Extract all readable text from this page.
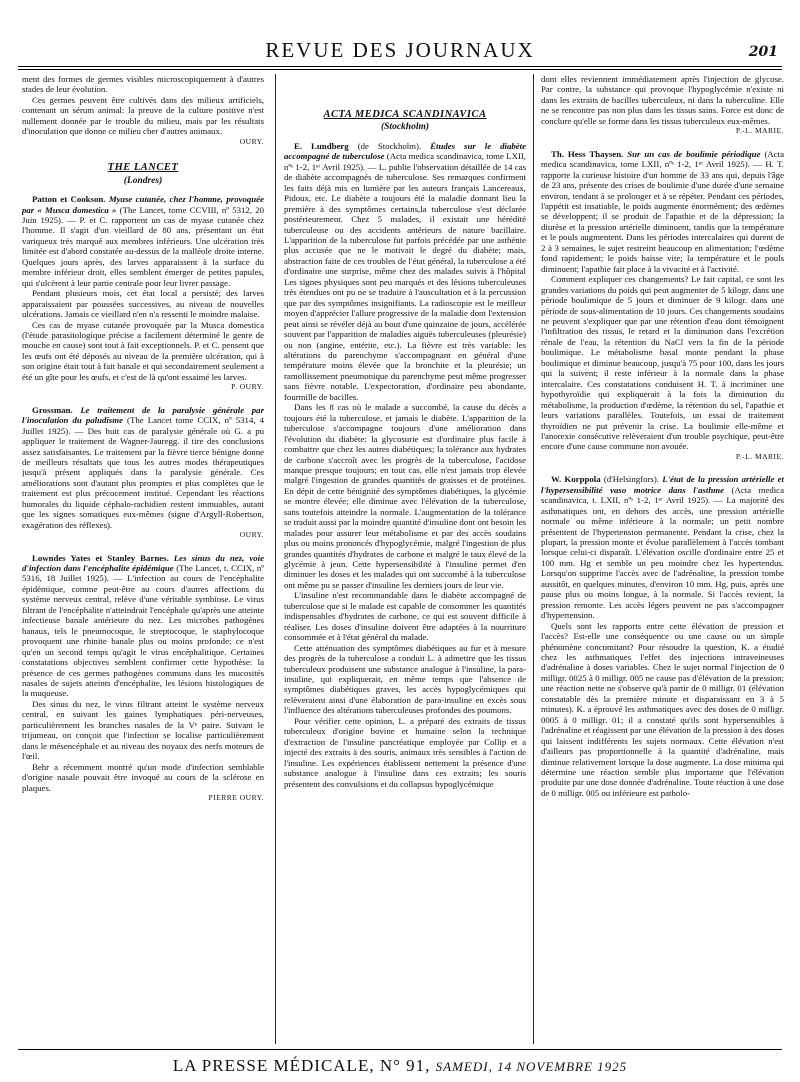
REVUE DES JOURNAUX	201

ment des formes de germes visibles microscopiquement à d'autres stades de leur évolution.

Ces germes peuvent être cultivés dans des milieux artificiels, contenant un sérum animal: la preuve de la culture positive n'est nullement donnée par le trouble du milieu, mais par les résultats d'inoculation que donne ce milieu cher d'autres animaux.

OURY.
THE LANCET
(Londres)

Patton et Cookson. Myase cutanée, chez l'homme, provoquée par « Musca domestica » (The Lancet, tome CCVIII, nº 5312, 20 Juin 1925). — P. et C. rapportent un cas de myase cutanée chez l'homme. Il s'agit d'un vieillard de 80 ans, présentant un état variqueux très marqué aux membres inférieurs. Une ulcération très limitée est d'abord constatée au-dessus de la malléole droite interne. Quelques jours après, des larves apparaissent à la surface du membre inférieur droit, elles semblent émerger de petites papules, qui s'ulcèrent à leur partie centrale pour leur livrer passage.

Pendant plusieurs mois, cet état local a persisté; des larves apparaissaient par poussées successives, au niveau de nouvelles ulcérations. Jamais ce vieillard n'en n'a ressenti le moindre malaise.

Ces cas de myase cutanée provoquée par la Musca domestica (l'étude parasitologique précise a facilement déterminé le genre de mouche en cause) sont tout à fait exceptionnels. P. et C. pensent que les œufs ont été déposés au niveau de la première ulcération, qui à son origine était tout à fait banale et qui secondairement seulement a été un gîte pour les œufs, et c'est de là qu'ont essaimé les larves.

P. OURY.

Grossman. Le traitement de la paralysie générale par l'inoculation du paludisme (The Lancet tome CCIX, nº 5314, 4 Juillet 1925). — Des huit cas de paralysie générale où G. a pu appliquer le traitement de Wagner-Jauregg. il tire des conclusions assez satisfaisantes. Le traitement par la fièvre tierce bénigne donne de meilleurs résultats que tous les autres modes thérapeutiques jusqu'à présent appliqués dans la paralysie générale. Ces améliorations sont d'autant plus promptes et plus complètes que le traitement est plus précocement institué. Cependant les réactions humorales du liquide céphalo-rachidien restent immuables, autant que les signes somatiques eux-mêmes (signe d'Argyll-Robertson, exagération des réflexes).

OURY.

Lowndes Yates et Stanley Barnes. Les sinus du nez, voie d'infection dans l'encéphalite épidémique (The Lancet, t. CCIX, nº 5316, 18 Juillet 1925). — L'infection au cours de l'encéphalite épidémique, comme peut-être au cours d'autres affections du système nerveux central, relève d'une véritable symbiose. Le virus filtrant de l'encéphalite n'atteindrait l'encéphale qu'après une atteinte infectieuse banale antérieure du nez. Les microbes pathogènes banaux, tels le pneumocoque, le streptocoque, le staphylocoque provoquent une rhinite banale plus ou moins profonde; ce n'est qu'en un second temps qu'agit le virus encéphalitique. Certaines constatations objectives semblent confirmer cette hypothèse: la présence de ces germes pathogènes communs dans les mucosités nasales de sujets atteints d'encéphalite, les lésions histologiques de la muqueuse.

Des sinus du nez, le virus filtrant atteint le système nerveux central, en suivant les gaines lymphatiques péri-nerveuses, particulièrement les branches nasales de la Vᵉ paire. Suivant le trijumeau, on conçoit que l'infection se localise particulièrement dans le mésencéphale et au niveau des noyaux des nerfs moteurs de l'œil.

Behr a récemment montré qu'un mode d'infection semblable d'origine nasale pouvait être invoqué au cours de la sclérose en plaques.

PIERRE OURY.
ACTA MEDICA SCANDINAVICA
(Stockholm)

E. Lundberg (de Stockholm). Études sur le diabète accompagné de tuberculose (Acta medica scandinavica, tome LXII, nºˢ 1-2, 1ᵉʳ Avril 1925). — L. publie l'observation détaillée de 14 cas de diabète accompagnés de tuberculose. Ses remarques confirment les faits déjà mis en lumière par les auteurs français Lancereaux, Pidoux, etc. Le diabète a toujours été la maladie donnant lieu la première à des symptômes certains,la tuberculose s'est déclarée postérieurement. Chez 5 malades, il existait une hérédité tuberculeuse ou des accidents antérieurs de nature bacillaire. L'apparition de la tuberculose fut parfois précédée par une asthénie plus accusée que ne le motivait le degré du diabète; mais, abstraction faite de ces troubles de l'état général, la tuberculose a été d'ordinaire une surprise, même chez des malades suivis à l'hôpital Les signes physiques sont peu marqués et des lésions tuberculeuses très étendues ont pu ne se traduire à l'auscultation et à la percussion que par des symptômes insignifiants. La radioscopie est le meilleur moyen d'apprécier l'allure progressive de la maladie dont l'extension peut ainsi se révéler déjà au bout d'une quinzaine de jours, accélérée souvent par l'apparition de maladies aiguës tuberculeuses (pleurésie) ou non (angine, entérite, etc.). La fièvre est très variable: les altérations du parenchyme s'accompagnant en général d'une température moins élevée que la bronchite et la pleurésie; un ramollissement pneumonique du parenchyme peut même progresser sans fièvre notable. L'expectoration, d'ordinaire peu abondante, fourmille de bacilles.

Dans les 8 cas où le malade a succombé, la cause du décès a toujours été la tuberculose, et jamais le diabète. L'apparition de la tuberculose s'accompagne toujours d'une amélioration dans l'évolution du diabète: la glycosurie est d'ordinaire plus facile à combattre que chez les autres diabétiques; la tolérance aux hydrates de carbone s'accroît avec les progrès de la tuberculose, l'acidose manque presque toujours; en tout cas, elle n'est jamais trop élevée malgré l'ingestion de grandes quantités de graisses et de protéines. En dépit de cette bénignité des symptômes diabétiques, la glycémie se montre élevée; elle diminue avec l'élévation de la tuberculose, sans toutefois atteindre la normale. L'augmentation de la tolérance se traduit aussi par la moindre quantité d'insuline dont ont besoin les malades pour assurer leur métabolisme et par des accès soudains plus ou moins prononcés d'hypoglycémie, malgré l'ingestion de plus grandes quantités d'hydrates de carbone et malgré le taux élevé de la glycémie à jeun. Cette hypersensibilité à l'insuline permet d'en diminuer les doses et les malades qui ont succombé à la tuberculose ont même pu se passer d'insuline les derniers jours de leur vie.

L'insuline n'est recommandable dans le diabète accompagné de tuberculose que si le malade est capable de consommer les quantités indispensables d'hydrates de carbone, ce qui est souvent difficile à réaliser. Les doses d'insuline doivent être adaptées à la nourriture consommée et à l'état général du malade.

Cette atténuation des symptômes diabétiques au fur et à mesure des progrès de la tuberculose a conduit L. à admettre que les tissus tuberculeux produisent une substance analogue à l'insuline, la para-insuline, qui expliquerait, en même temps que l'absence de symptômes diabétiques graves, les accès hypoglycémiques qui relèveraient ainsi d'une élaboration de para-insuline en excès sous l'influence des altérations tuberculeuses profondes des poumons.

Pour vérifier cette opinion, L. a préparé des extraits de tissus tuberculeux d'origine bovine et humaine selon la technique d'extraction de l'insuline pancréatique employée par Collip et a injecté des extraits à des souris, animaux très sensibles à l'action de l'insuline. Les expériences établissent nettement la présence d'une substance analogue à l'insuline dans ces extraits; les souris présentent des convulsions et du collapsus hypoglycémique

dont elles reviennent immédiatement après l'injection de glycose. Par contre, la substance qui provoque l'hypoglycémie n'existe ni dans les extraits de bacilles tuberculeux, ni dans la tuberculine. Elle ne se rencontre pas non plus dans les tissus sains. Force est donc de conclure qu'elle se forme dans les tissus tuberculeux eux-mêmes.

P.-L. MARIE.

Th. Hess Thaysen. Sur un cas de boulimie périodique (Acta medica scandinavica, tome LXII, nºˢ 1-2, 1ᵉʳ Avril 1925). — H. T. rapporte la curieuse histoire d'un homme de 33 ans qui, depuis l'âge de 23 ans, présente des crises de boulimie d'une durée d'une semaine environ, tendant à se prolonger et à se répéter. Pendant ces périodes, l'appétit est insatiable, le poids augmente énormément; des œdèmes se développent; il se produit de l'apathie et de la dépression; la diurèse et la pression artérielle diminuent, tandis que la température et le pouls augmentent. Dans les périodes intercalaires qui durent de 2 à 3 semaines, le sujet restreint beaucoup en alimentation; l'œdème fond rapidement; le poids baisse vite; la température et le pouls diminuent; l'apathie fait place à la vivacité et à l'activité.

Comment expliquer ces changements? Le fait capital, ce sont les grandes variations du poids qui peut augmenter de 5 kilogr. dans une période boulimique de 5 jours et diminuer de 9 kilogr. dans une période de sous-alimentation de 10 jours. Ces changements soudains ne peuvent s'expliquer que par une rétention d'eau dont témoignent l'infiltration des tissus, le retard et la diminution dans l'excrétion rénale de l'eau, la rétention du NaCl vers la fin de la période boulimique. Le métabolisme basal monte pendant la phase boulimique et diminue beaucoup, jusqu'à 75 pour 100, dans les jours qui la suivent; il reste inférieur à la normale dans la phase intercalaire. Ces constatations conduisent H. T. à incriminer une hypothyroïdie qui expliquerait à la fois la diminution du métabolisme, la production d'œdème, la rétention du sel, l'apathie et leurs variations parallèles. Toutefois, un essai de traitement thyroïdien ne put prévenir la crise. La boulimie elle-même et l'anorexie consécutive relèveraient d'un trouble psychique, peut-être encore d'une cause commune non avouée.

P.-L. MARIE.

W. Korppola (d'Helsingfors). L'état de la pression artérielle et l'hypersensibilité vaso motrice dans l'asthme (Acta medica scandinavica, t. LXII, nºˢ 1-2, 1ᵉʳ Avril 1925). — La majorité des asthmatiques ont, en dehors des accès, une pression artérielle normale ou même inférieure à la normale; un petit nombre présentent de l'hypertension permanente. Pendant la crise, chez la plupart, la pression monte et évolue parallèlement à l'accès tombant lorsque celui-ci disparaît. L'élévation oscille d'ordinaire entre 25 et 100 mm. Hg et semble un peu moindre chez les hypertendus. Lorsqu'on supprime l'accès avec de l'adrénaline, la pression tombe aussitôt, en quelques minutes, d'environ 10 mm. Hg, puis, après une pause plus ou moins longue, à la normale. Si l'accès revient, la pression remonte. Les accès légers peuvent ne pas s'accompagner d'hypertension.

Quels sont les rapports entre cette élévation de pression et l'accès? Est-elle une conséquence ou une cause ou un simple phénomène concomitant? Pour résoudre la question, K. a étudié chez les asthmatiques l'effet des injections intraveineuses d'adrénaline à doses variables. Chez le sujet normal l'injection de 0 milligr. 0025 à 0 milligr. 005 ne cause pas d'élévation de la pression; une réaction nette ne s'observe qu'à partir de 0 milligr. 01 (élévation constatable dès la première minute et disparaissant en 3 à 5 minutes). K. a éprouvé les asthmatiques avec des doses de 0 milligr. 0005 à 0 milligr. 01; il a constaté qu'ils sont hypersensibles à l'adrénaline et réagissent par une élévation de la pression à des doses qui laissent indifférents les sujets normaux. Cette élévation n'est d'ailleurs pas proportionnelle à la quantité d'adrénaline, mais diminue relativement lorsque la dose augmente. La dose minima qui détermine une réaction semble plus importante que l'élévation produite par une dose donnée d'adrénaline. Toute réaction à une dose de 0 milligr. 005 ou inférieure est patholo-

LA PRESSE MÉDICALE, N° 91, SAMEDI, 14 NOVEMBRE 1925
